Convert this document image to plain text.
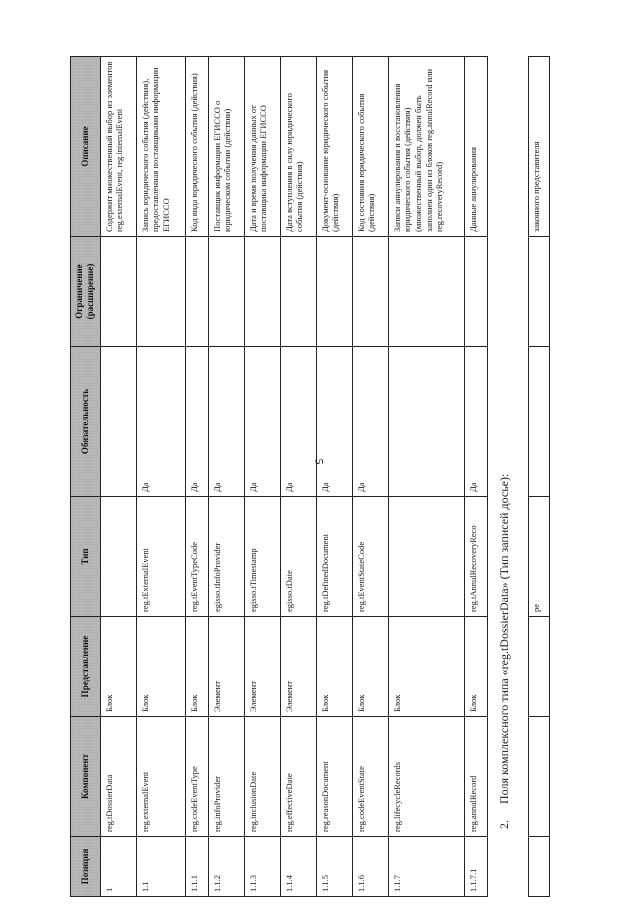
5
			pe			законного представителя
2. Поля комплексного типа «reg.tDossierData» (Тип записей досье):
Позиция	Компонент	Представление	Тип	Обязательность	Ограничение (расширение)	Описание
1	reg.tDossierData	Блок				Содержит множественный выбор из элементов reg.externalEvent, reg.internalEvent
1.1	reg.externalEvent	Блок	reg.tExternalEvent	Да		Запись юридического события (действия), предоставленная поставщиками информации ЕГИССО
1.1.1	reg.codeEventType	Блок	reg.tEventTypeCode	Да		Код вида юридического события (действия)
1.1.2	reg.infoProvider	Элемент	egisso.tInfoProvider	Да		Поставщик информации ЕГИССО о юридическом событии (действии)
1.1.3	reg.inclusionDate	Элемент	egisso.tTimestamp	Да		Дата и время получения данных от поставщика информации ЕГИССО
1.1.4	reg.effectiveDate	Элемент	egisso.tDate	Да		Дата вступления в силу юридического события (действия)
1.1.5	reg.reasonDocument	Блок	reg.tDefinedDocument	Да		Документ-основание юридического события (действия)
1.1.6	reg.codeEventState	Блок	reg.tEventStateCode	Да		Код состояния юридического события (действия)
1.1.7	reg.lifecycleRecords	Блок				Записи аннулирования и восстановления юридического события (действия) (множественный выбор, должен быть заполнен один из блоков reg.annulRecord или reg.recoveryRecord)
1.1.7.1	reg.annulRecord	Блок	reg.tAnnulRecoveryReco	Да		Данные аннулирования
